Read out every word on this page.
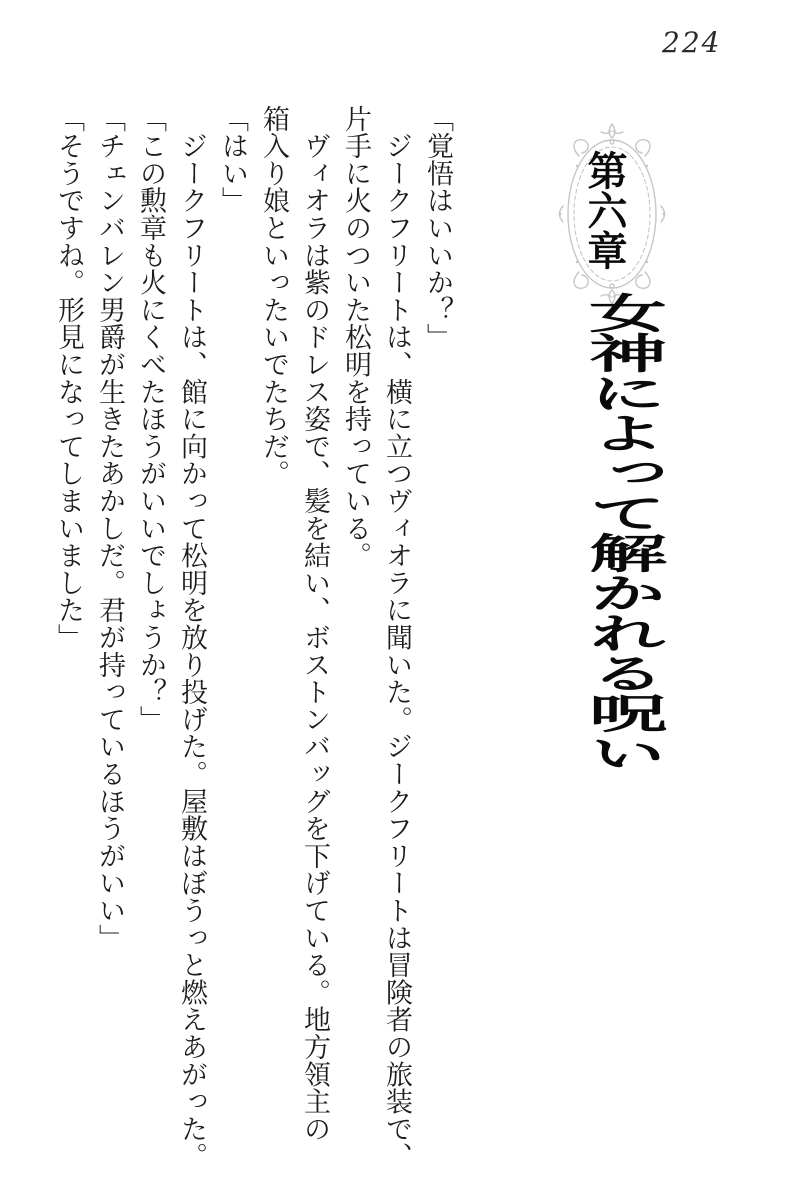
224
第六章
女神によって解かれる呪い

「覚悟はいいか？」

　ジークフリートは、横に立つヴィオラに聞いた。ジークフリートは冒険者の旅装で、

片手に火のついた松明を持っている。

　ヴィオラは紫のドレス姿で、髪を結い、ボストンバッグを下げている。地方領主の

箱入り娘といったいでたちだ。

「はい」

　ジークフリートは、館に向かって松明を放り投げた。屋敷はぼうっと燃えあがった。

「この勲章も火にくべたほうがいいでしょうか？」

「チェンバレン男爵が生きたあかしだ。君が持っているほうがいい」

「そうですね。形見になってしまいました」
